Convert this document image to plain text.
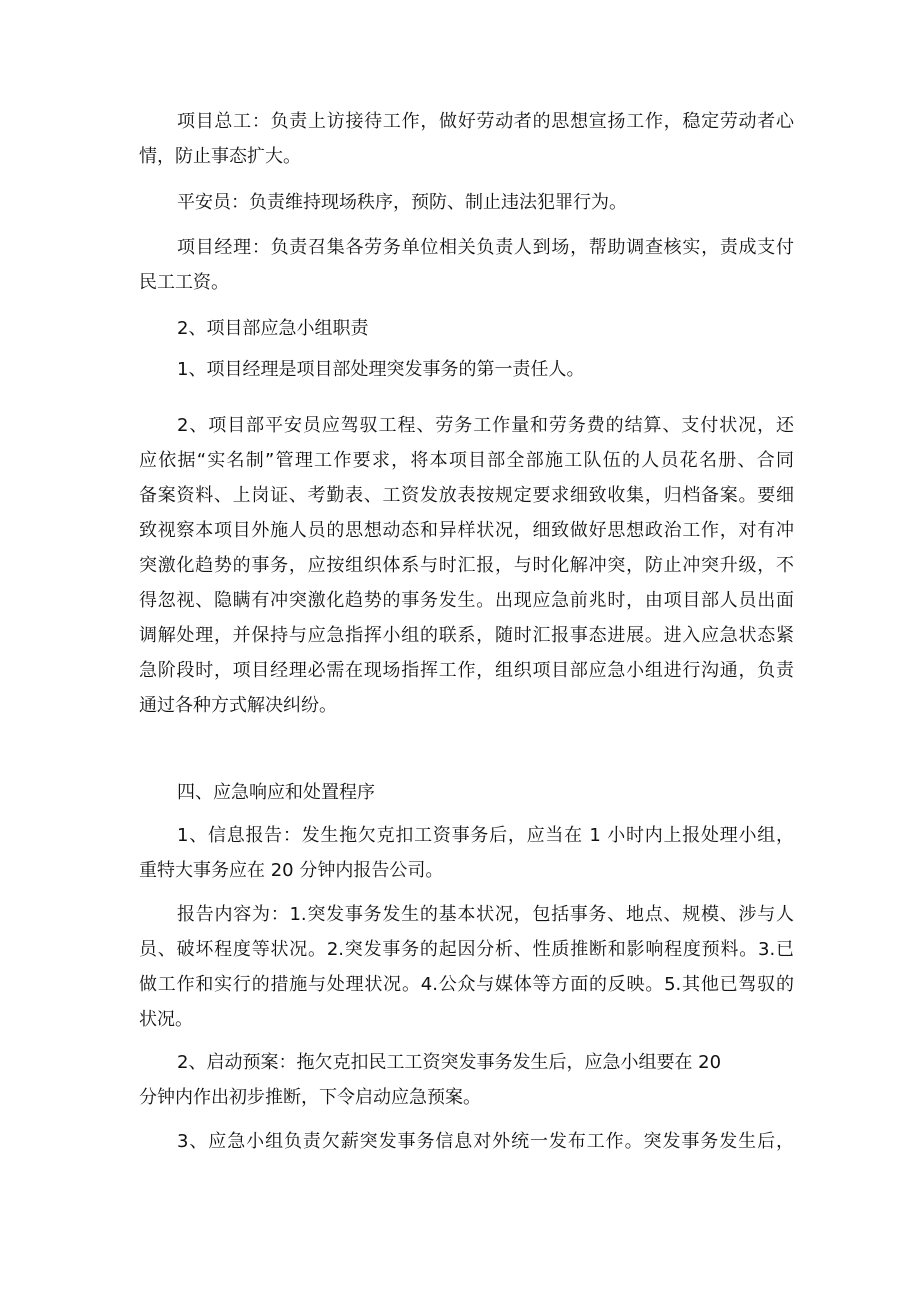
项目总工：负责上访接待工作，做好劳动者的思想宣扬工作，稳定劳动者心
情，防止事态扩大。
平安员：负责维持现场秩序，预防、制止违法犯罪行为。
项目经理：负责召集各劳务单位相关负责人到场，帮助调查核实，责成支付
民工工资。
2、项目部应急小组职责
1、项目经理是项目部处理突发事务的第一责任人。
2、项目部平安员应驾驭工程、劳务工作量和劳务费的结算、支付状况，还
应依据“实名制”管理工作要求，将本项目部全部施工队伍的人员花名册、合同
备案资料、上岗证、考勤表、工资发放表按规定要求细致收集，归档备案。要细
致视察本项目外施人员的思想动态和异样状况，细致做好思想政治工作，对有冲
突激化趋势的事务，应按组织体系与时汇报，与时化解冲突，防止冲突升级，不
得忽视、隐瞒有冲突激化趋势的事务发生。出现应急前兆时，由项目部人员出面
调解处理，并保持与应急指挥小组的联系，随时汇报事态进展。进入应急状态紧
急阶段时，项目经理必需在现场指挥工作，组织项目部应急小组进行沟通，负责
通过各种方式解决纠纷。
四、应急响应和处置程序
1、信息报告：发生拖欠克扣工资事务后，应当在 1 小时内上报处理小组，
重特大事务应在 20 分钟内报告公司。
报告内容为：1.突发事务发生的基本状况，包括事务、地点、规模、涉与人
员、破坏程度等状况。2.突发事务的起因分析、性质推断和影响程度预料。3.已
做工作和实行的措施与处理状况。4.公众与媒体等方面的反映。5.其他已驾驭的
状况。
2、启动预案：拖欠克扣民工工资突发事务发生后，应急小组要在 20
分钟内作出初步推断，下令启动应急预案。
3、应急小组负责欠薪突发事务信息对外统一发布工作。突发事务发生后，
